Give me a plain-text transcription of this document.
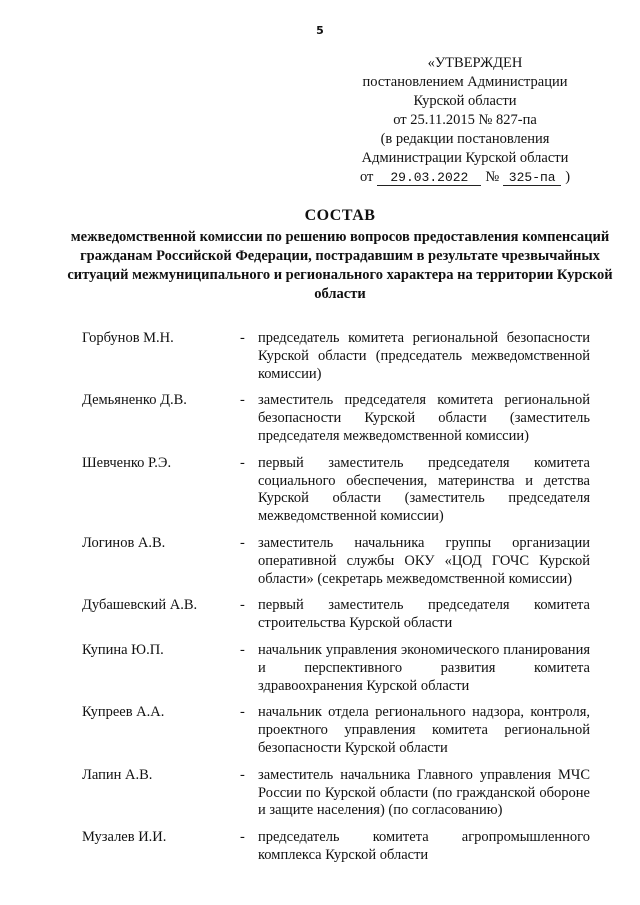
5
«УТВЕРЖДЕН
постановлением Администрации
Курской области
от 25.11.2015 № 827-па
(в редакции постановления
Администрации Курской области
от	29.03.2022	№ 325-па )
СОСТАВ
межведомственной комиссии по решению вопросов предоставления компенсаций гражданам Российской Федерации, пострадавшим в результате чрезвычайных ситуаций межмуниципального и регионального характера на территории Курской области
Горбунов М.Н.	- председатель комитета региональной безопасности Курской области (председатель межведомственной комиссии)
Демьяненко Д.В.	- заместитель председателя комитета региональной безопасности Курской области (заместитель председателя межведомственной комиссии)
Шевченко Р.Э.	- первый заместитель председателя комитета социального обеспечения, материнства и детства Курской области (заместитель председателя межведомственной комиссии)
Логинов А.В.	- заместитель начальника группы организации оперативной службы ОКУ «ЦОД ГОЧС Курской области» (секретарь межведомственной комиссии)
Дубашевский А.В.	- первый заместитель председателя комитета строительства Курской области
Купина Ю.П.	- начальник управления экономического планирования и перспективного развития комитета здравоохранения Курской области
Купреев А.А.	- начальник отдела регионального надзора, контроля, проектного управления комитета региональной безопасности Курской области
Лапин А.В.	- заместитель начальника Главного управления МЧС России по Курской области (по гражданской обороне и защите населения) (по согласованию)
Музалев И.И.	- председатель комитета агропромышленного комплекса Курской области
